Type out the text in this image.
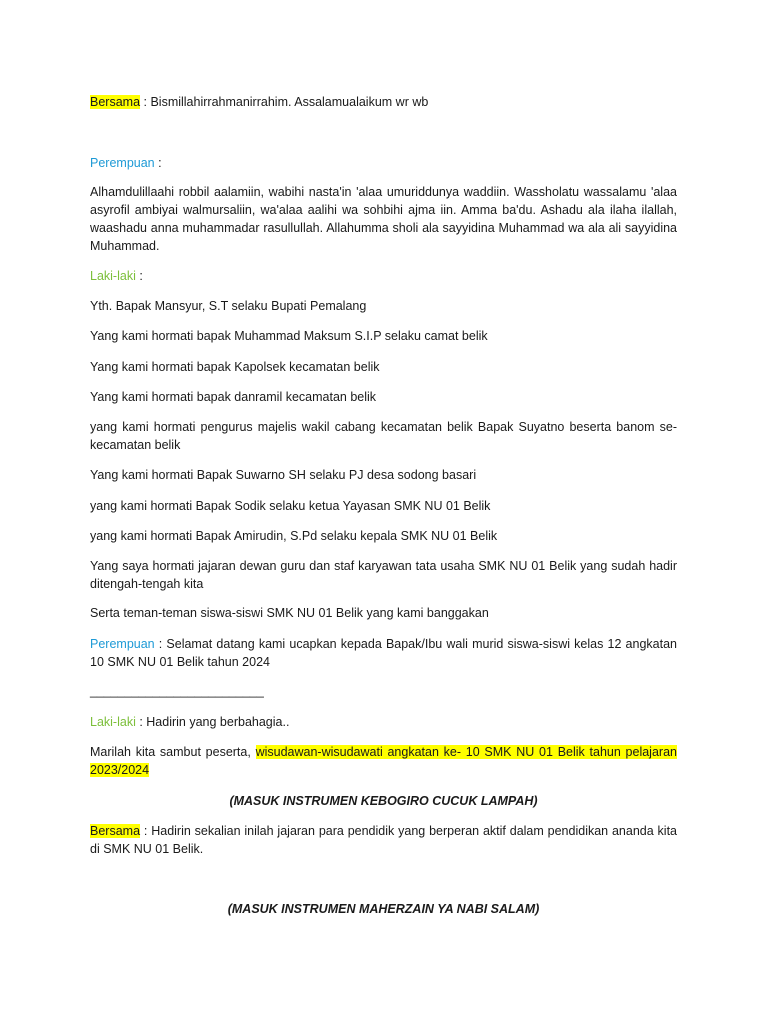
Bersama : Bismillahirrahmanirrahim. Assalamualaikum wr wb

Perempuan :

Alhamdulillaahi robbil aalamiin, wabihi nasta'in 'alaa umuriddunya waddiin. Wassholatu wassalamu 'alaa asyrofil ambiyai walmursaliin, wa'alaa aalihi wa sohbihi ajma iin. Amma ba'du. Ashadu ala ilaha ilallah, waashadu anna muhammadar rasullullah. Allahumma sholi ala sayyidina Muhammad wa ala ali sayyidina Muhammad.

Laki-laki :

Yth. Bapak Mansyur, S.T selaku Bupati Pemalang

Yang kami hormati bapak Muhammad Maksum S.I.P selaku camat belik

Yang kami hormati bapak Kapolsek kecamatan belik

Yang kami hormati bapak danramil kecamatan belik

yang kami hormati pengurus majelis wakil cabang kecamatan belik Bapak Suyatno beserta banom se-kecamatan belik

Yang kami hormati Bapak Suwarno SH selaku PJ desa sodong basari

yang kami hormati Bapak Sodik selaku ketua Yayasan SMK NU 01 Belik

yang kami hormati Bapak Amirudin, S.Pd selaku kepala SMK NU 01 Belik

Yang saya hormati jajaran dewan guru dan staf karyawan tata usaha SMK NU 01 Belik yang sudah hadir ditengah-tengah kita

Serta teman-teman siswa-siswi SMK NU 01 Belik yang kami banggakan

Perempuan : Selamat datang kami ucapkan kepada Bapak/Ibu wali murid siswa-siswi kelas 12 angkatan 10 SMK NU 01 Belik tahun 2024

_________________________

Laki-laki : Hadirin yang berbahagia..

Marilah kita sambut peserta, wisudawan-wisudawati angkatan ke- 10 SMK NU 01 Belik tahun pelajaran 2023/2024

(MASUK INSTRUMEN KEBOGIRO CUCUK LAMPAH)

Bersama : Hadirin sekalian inilah jajaran para pendidik yang berperan aktif dalam pendidikan ananda kita di SMK NU 01 Belik.

(MASUK INSTRUMEN MAHERZAIN YA NABI SALAM)
